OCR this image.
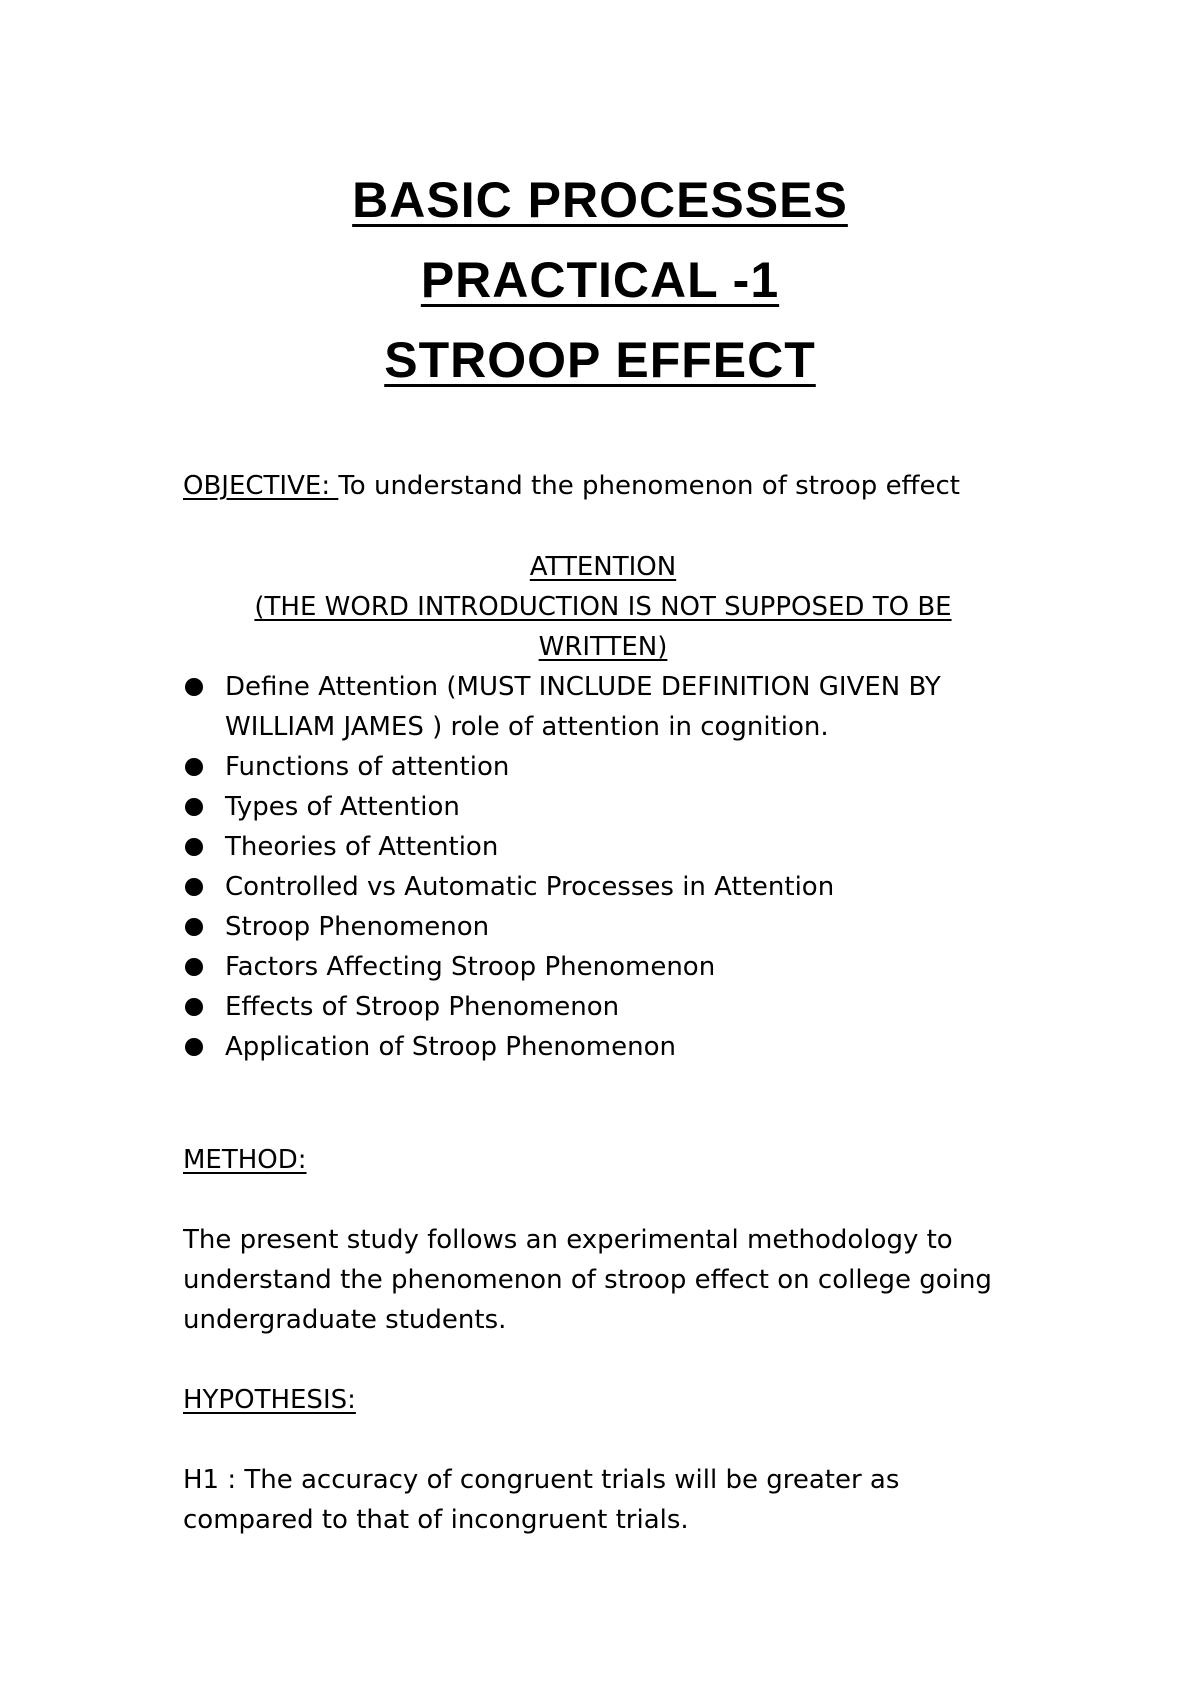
BASIC PROCESSES
PRACTICAL -1
STROOP EFFECT
OBJECTIVE: To understand the phenomenon of stroop effect
ATTENTION
(THE WORD INTRODUCTION IS NOT SUPPOSED TO BE
WRITTEN)
Define Attention (MUST INCLUDE DEFINITION GIVEN BY
WILLIAM JAMES ) role of attention in cognition.
Functions of attention
Types of Attention
Theories of Attention
Controlled vs Automatic Processes in Attention
Stroop Phenomenon
Factors Affecting Stroop Phenomenon
Effects of Stroop Phenomenon
Application of Stroop Phenomenon
METHOD:
The present study follows an experimental methodology to
understand the phenomenon of stroop effect on college going
undergraduate students.
HYPOTHESIS:
H1 : The accuracy of congruent trials will be greater as
compared to that of incongruent trials.
